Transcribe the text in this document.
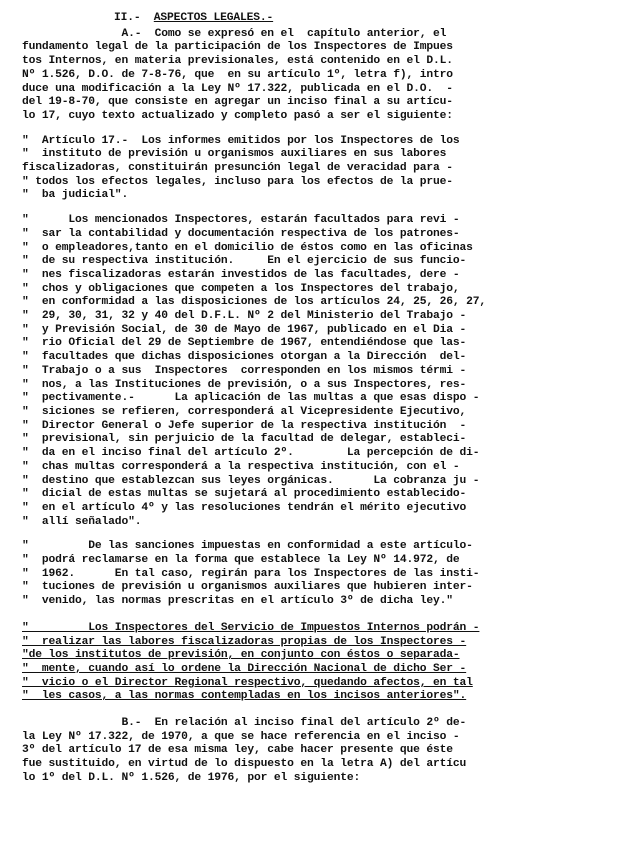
II.- ASPECTOS LEGALES.-
A.-  Como se expresó en el  capítulo anterior, el
fundamento legal de la participación de los Inspectores de Impues
tos Internos, en materia previsionales, está contenido en el D.L.
Nº 1.526, D.O. de 7-8-76, que  en su artículo 1º, letra f), intro
duce una modificación a la Ley Nº 17.322, publicada en el D.O.  -
del 19-8-70, que consiste en agregar un inciso final a su artícu-
lo 17, cuyo texto actualizado y completo pasó a ser el siguiente:
"  Artículo 17.-  Los informes emitidos por los Inspectores de los
"  instituto de previsión u organismos auxiliares en sus labores
fiscalizadoras, constituirán presunción legal de veracidad para -
" todos los efectos legales, incluso para los efectos de la prue-
"  ba judicial".
"      Los mencionados Inspectores, estarán facultados para revi -
"  sar la contabilidad y documentación respectiva de los patrones-
"  o empleadores,tanto en el domicilio de éstos como en las oficinas
"  de su respectiva institución.     En el ejercicio de sus funcio-
"  nes fiscalizadoras estarán investidos de las facultades, dere -
"  chos y obligaciones que competen a los Inspectores del trabajo,
"  en conformidad a las disposiciones de los artículos 24, 25, 26, 27,
"  29, 30, 31, 32 y 40 del D.F.L. Nº 2 del Ministerio del Trabajo -
"  y Previsión Social, de 30 de Mayo de 1967, publicado en el Dia -
"  rio Oficial del 29 de Septiembre de 1967, entendiéndose que las-
"  facultades que dichas disposiciones otorgan a la Dirección  del-
"  Trabajo o a sus  Inspectores  corresponden en los mismos térmi -
"  nos, a las Instituciones de previsión, o a sus Inspectores, res-
"  pectivamente.-      La aplicación de las multas a que esas dispo -
"  siciones se refieren, corresponderá al Vicepresidente Ejecutivo,
"  Director General o Jefe superior de la respectiva institución  -
"  previsional, sin perjuicio de la facultad de delegar, estableci-
"  da en el inciso final del artículo 2º.        La percepción de di-
"  chas multas corresponderá a la respectiva institución, con el -
"  destino que establezcan sus leyes orgánicas.      La cobranza ju -
"  dicial de estas multas se sujetará al procedimiento establecido-
"  en el artículo 4º y las resoluciones tendrán el mérito ejecutivo
"  allí señalado".
"         De las sanciones impuestas en conformidad a este artículo-
"  podrá reclamarse en la forma que establece la Ley Nº 14.972, de
"  1962.      En tal caso, regirán para los Inspectores de las insti-
"  tuciones de previsión u organismos auxiliares que hubieren inter-
"  venido, las normas prescritas en el artículo 3º de dicha ley."
"         Los Inspectores del Servicio de Impuestos Internos podrán -
"  realizar las labores fiscalizadoras propias de los Inspectores -
"de los institutos de previsión, en conjunto con éstos o separada-
"  mente, cuando así lo ordene la Dirección Nacional de dicho Ser -
"  vicio o el Director Regional respectivo, quedando afectos, en tal
"  les casos, a las normas contempladas en los incisos anteriores".
B.-  En relación al inciso final del artículo 2º de-
la Ley Nº 17.322, de 1970, a que se hace referencia en el inciso -
3º del artículo 17 de esa misma ley, cabe hacer presente que éste
fue sustituido, en virtud de lo dispuesto en la letra A) del artícu
lo 1º del D.L. Nº 1.526, de 1976, por el siguiente:
